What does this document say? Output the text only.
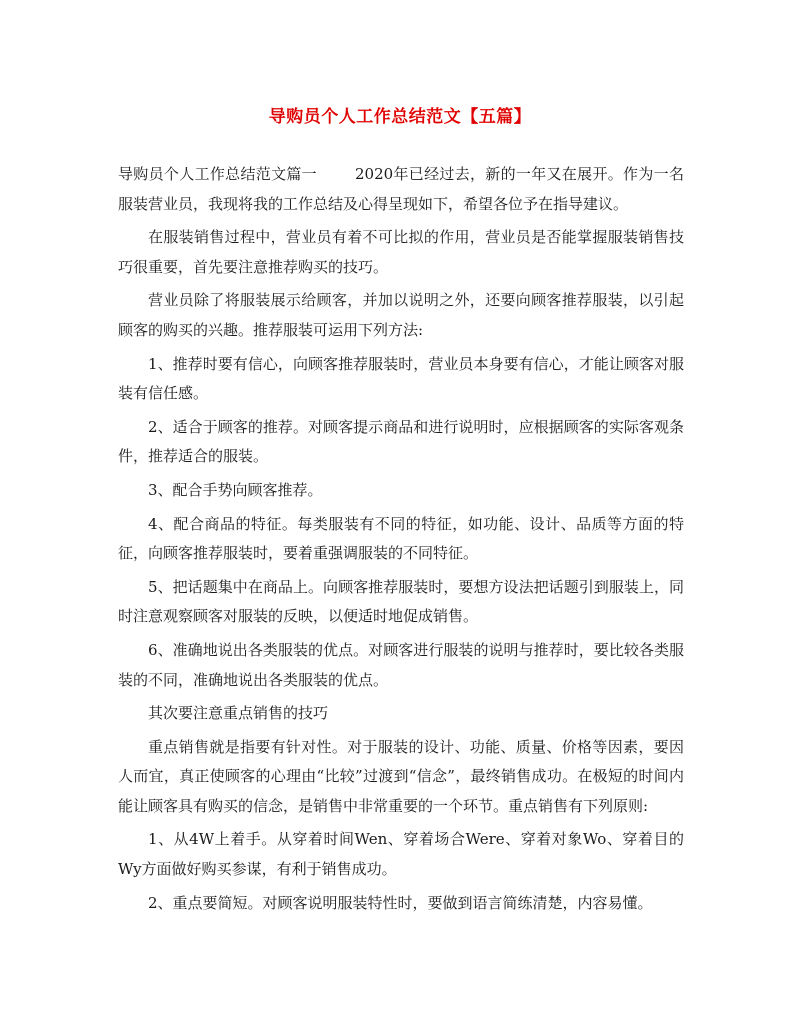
导购员个人工作总结范文【五篇】

导购员个人工作总结范文篇一	2020年已经过去，新的一年又在展开。作为一名服装营业员，我现将我的工作总结及心得呈现如下，希望各位予在指导建议。

在服装销售过程中，营业员有着不可比拟的作用，营业员是否能掌握服装销售技巧很重要，首先要注意推荐购买的技巧。

营业员除了将服装展示给顾客，并加以说明之外，还要向顾客推荐服装，以引起顾客的购买的兴趣。推荐服装可运用下列方法:

1、推荐时要有信心，向顾客推荐服装时，营业员本身要有信心，才能让顾客对服装有信任感。

2、适合于顾客的推荐。对顾客提示商品和进行说明时，应根据顾客的实际客观条件，推荐适合的服装。

3、配合手势向顾客推荐。

4、配合商品的特征。每类服装有不同的特征，如功能、设计、品质等方面的特征，向顾客推荐服装时，要着重强调服装的不同特征。

5、把话题集中在商品上。向顾客推荐服装时，要想方设法把话题引到服装上，同时注意观察顾客对服装的反映，以便适时地促成销售。

6、准确地说出各类服装的优点。对顾客进行服装的说明与推荐时，要比较各类服装的不同，准确地说出各类服装的优点。

其次要注意重点销售的技巧

重点销售就是指要有针对性。对于服装的设计、功能、质量、价格等因素，要因人而宜，真正使顾客的心理由“比较”过渡到“信念”，最终销售成功。在极短的时间内能让顾客具有购买的信念，是销售中非常重要的一个环节。重点销售有下列原则:

1、从4W上着手。从穿着时间Wen、穿着场合Were、穿着对象Wo、穿着目的Wy方面做好购买参谋，有利于销售成功。

2、重点要简短。对顾客说明服装特性时，要做到语言简练清楚，内容易懂。
